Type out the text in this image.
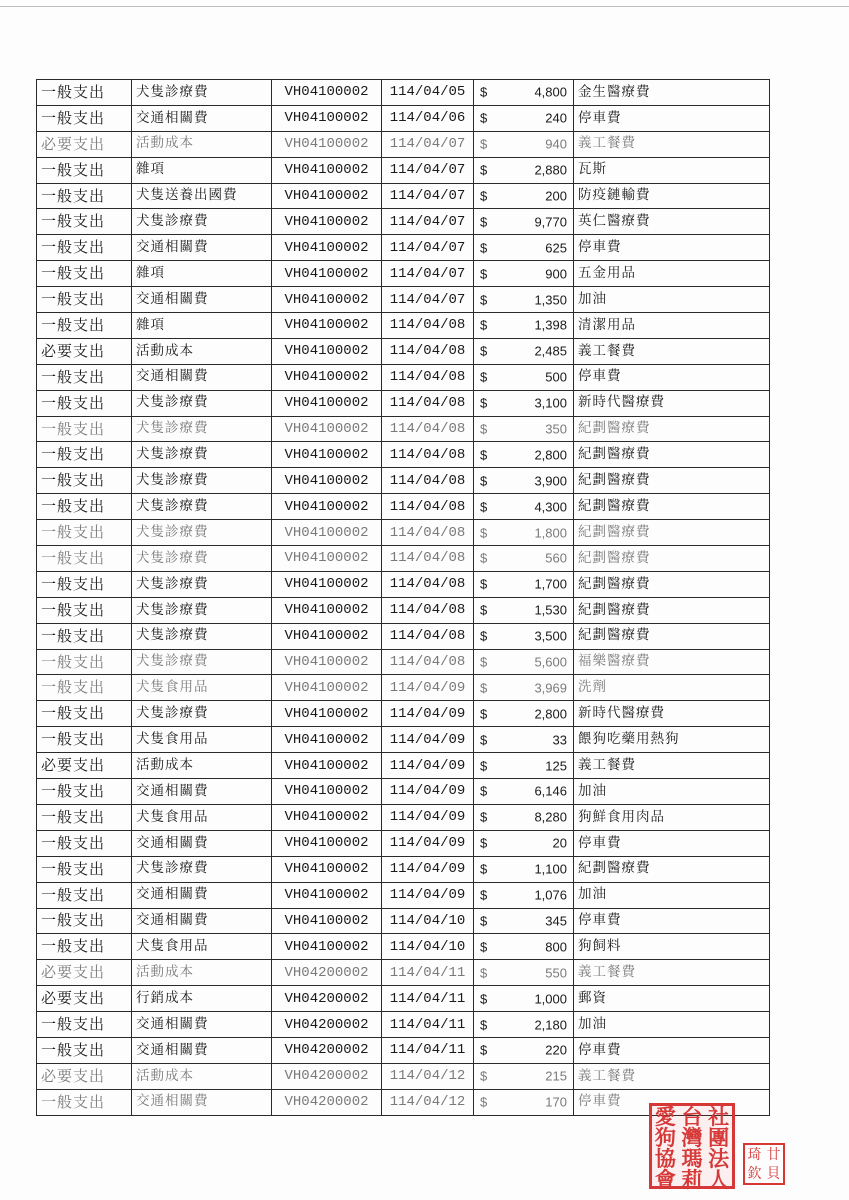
一般支出	犬隻診療費	VH04100002	114/04/05	$ 4,800	金生醫療費
一般支出	交通相關費	VH04100002	114/04/06	$ 240	停車費
必要支出	活動成本	VH04100002	114/04/07	$ 940	義工餐費
一般支出	雜項	VH04100002	114/04/07	$ 2,880	瓦斯
一般支出	犬隻送養出國費	VH04100002	114/04/07	$ 200	防疫鏈輸費
一般支出	犬隻診療費	VH04100002	114/04/07	$ 9,770	英仁醫療費
一般支出	交通相關費	VH04100002	114/04/07	$ 625	停車費
一般支出	雜項	VH04100002	114/04/07	$ 900	五金用品
一般支出	交通相關費	VH04100002	114/04/07	$ 1,350	加油
一般支出	雜項	VH04100002	114/04/08	$ 1,398	清潔用品
必要支出	活動成本	VH04100002	114/04/08	$ 2,485	義工餐費
一般支出	交通相關費	VH04100002	114/04/08	$ 500	停車費
一般支出	犬隻診療費	VH04100002	114/04/08	$ 3,100	新時代醫療費
一般支出	犬隻診療費	VH04100002	114/04/08	$ 350	紀劃醫療費
一般支出	犬隻診療費	VH04100002	114/04/08	$ 2,800	紀劃醫療費
一般支出	犬隻診療費	VH04100002	114/04/08	$ 3,900	紀劃醫療費
一般支出	犬隻診療費	VH04100002	114/04/08	$ 4,300	紀劃醫療費
一般支出	犬隻診療費	VH04100002	114/04/08	$ 1,800	紀劃醫療費
一般支出	犬隻診療費	VH04100002	114/04/08	$ 560	紀劃醫療費
一般支出	犬隻診療費	VH04100002	114/04/08	$ 1,700	紀劃醫療費
一般支出	犬隻診療費	VH04100002	114/04/08	$ 1,530	紀劃醫療費
一般支出	犬隻診療費	VH04100002	114/04/08	$ 3,500	紀劃醫療費
一般支出	犬隻診療費	VH04100002	114/04/08	$ 5,600	福樂醫療費
一般支出	犬隻食用品	VH04100002	114/04/09	$ 3,969	洗劑
一般支出	犬隻診療費	VH04100002	114/04/09	$ 2,800	新時代醫療費
一般支出	犬隻食用品	VH04100002	114/04/09	$ 33	餵狗吃藥用熱狗
必要支出	活動成本	VH04100002	114/04/09	$ 125	義工餐費
一般支出	交通相關費	VH04100002	114/04/09	$ 6,146	加油
一般支出	犬隻食用品	VH04100002	114/04/09	$ 8,280	狗鮮食用肉品
一般支出	交通相關費	VH04100002	114/04/09	$ 20	停車費
一般支出	犬隻診療費	VH04100002	114/04/09	$ 1,100	紀劃醫療費
一般支出	交通相關費	VH04100002	114/04/09	$ 1,076	加油
一般支出	交通相關費	VH04100002	114/04/10	$ 345	停車費
一般支出	犬隻食用品	VH04100002	114/04/10	$ 800	狗飼料
必要支出	活動成本	VH04200002	114/04/11	$ 550	義工餐費
必要支出	行銷成本	VH04200002	114/04/11	$ 1,000	郵資
一般支出	交通相關費	VH04200002	114/04/11	$ 2,180	加油
一般支出	交通相關費	VH04200002	114/04/11	$ 220	停車費
必要支出	活動成本	VH04200002	114/04/12	$ 215	義工餐費
一般支出	交通相關費	VH04200002	114/04/12	$ 170	停車費
愛 台 社
狗 灣 團
協 瑪 法
會 莉 人
琦 廿
欽 貝
